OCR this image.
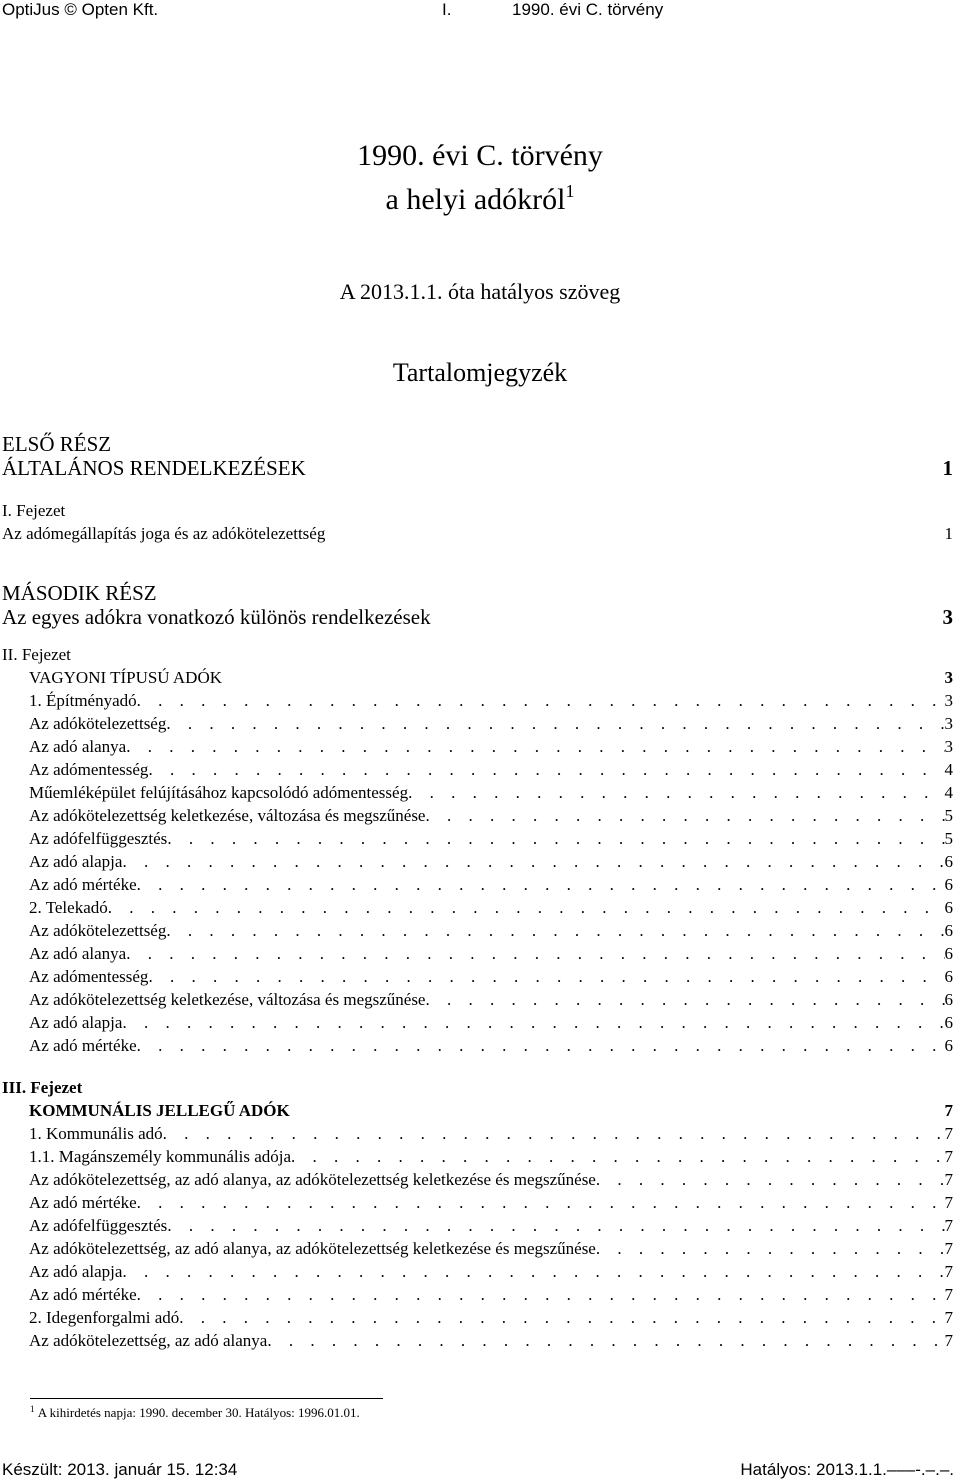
OptiJus © Opten Kft.	I.	1990. évi C. törvény
1990. évi C. törvény
a helyi adókról$^1$
A 2013.1.1. óta hatályos szöveg
Tartalomjegyzék
ELSŐ RÉSZ
ÁLTALÁNOS RENDELKEZÉSEK	1
I. Fejezet
Az adómegállapítás joga és az adókötelezettség	1
MÁSODIK RÉSZ
Az egyes adókra vonatkozó különös rendelkezések	3
II. Fejezet
VAGYONI TÍPUSÚ ADÓK	3
1. Építményadó . . .	3
Az adókötelezettség . . .	3
Az adó alanya . . .	3
Az adómentesség . . .	4
Műemléképület felújításához kapcsolódó adómentesség . . .	4
Az adókötelezettség keletkezése, változása és megszűnése . . .	5
Az adófelfüggesztés . . .	5
Az adó alapja . . .	6
Az adó mértéke . . .	6
2. Telekadó . . .	6
Az adókötelezettség . . .	6
Az adó alanya . . .	6
Az adómentesség . . .	6
Az adókötelezettség keletkezése, változása és megszűnése . . .	6
Az adó alapja . . .	6
Az adó mértéke . . .	6
III. Fejezet
KOMMUNÁLIS JELLEGŰ ADÓK	7
1. Kommunális adó . . .	7
1.1. Magánszemély kommunális adója . . .	7
Az adókötelezettség, az adó alanya, az adókötelezettség keletkezése és megszűnése . . .	7
Az adó mértéke . . .	7
Az adófelfüggesztés . . .	7
Az adókötelezettség, az adó alanya, az adókötelezettség keletkezése és megszűnése . . .	7
Az adó alapja . . .	7
Az adó mértéke . . .	7
2. Idegenforgalmi adó . . .	7
Az adókötelezettség, az adó alanya . . .	7
$^1$ A kihirdetés napja: 1990. december 30. Hatályos: 1996.01.01.
Készült: 2013. január 15. 12:34	Hatályos: 2013.1.1.–––-.–.–.
